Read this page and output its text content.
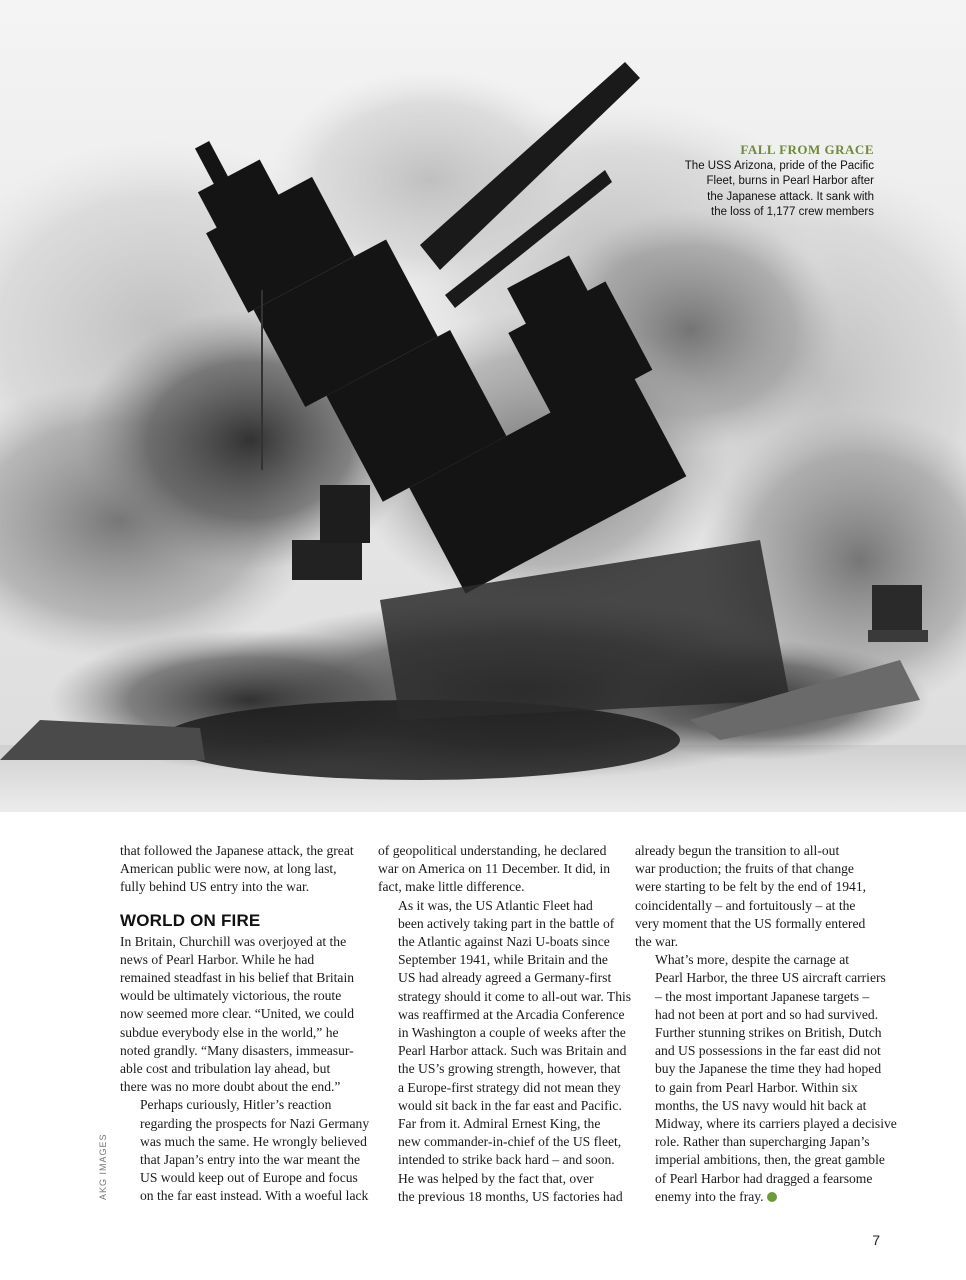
FALL FROM GRACE
The USS Arizona, pride of the Pacific
Fleet, burns in Pearl Harbor after
the Japanese attack. It sank with
the loss of 1,177 crew members
AKG IMAGES

that followed the Japanese attack, the great
American public were now, at long last,
fully behind US entry into the war.

WORLD ON FIRE

In Britain, Churchill was overjoyed at the
news of Pearl Harbor. While he had
remained steadfast in his belief that Britain
would be ultimately victorious, the route
now seemed more clear. “United, we could
subdue everybody else in the world,” he
noted grandly. “Many disasters, immeasur-
able cost and tribulation lay ahead, but
there was no more doubt about the end.”

Perhaps curiously, Hitler’s reaction
regarding the prospects for Nazi Germany
was much the same. He wrongly believed
that Japan’s entry into the war meant the
US would keep out of Europe and focus
on the far east instead. With a woeful lack

of geopolitical understanding, he declared
war on America on 11 December. It did, in
fact, make little difference.

As it was, the US Atlantic Fleet had
been actively taking part in the battle of
the Atlantic against Nazi U-boats since
September 1941, while Britain and the
US had already agreed a Germany-first
strategy should it come to all-out war. This
was reaffirmed at the Arcadia Conference
in Washington a couple of weeks after the
Pearl Harbor attack. Such was Britain and
the US’s growing strength, however, that
a Europe-first strategy did not mean they
would sit back in the far east and Pacific.
Far from it. Admiral Ernest King, the
new commander-in-chief of the US fleet,
intended to strike back hard – and soon.

He was helped by the fact that, over
the previous 18 months, US factories had

already begun the transition to all-out
war production; the fruits of that change
were starting to be felt by the end of 1941,
coincidentally – and fortuitously – at the
very moment that the US formally entered
the war.

What’s more, despite the carnage at
Pearl Harbor, the three US aircraft carriers
– the most important Japanese targets –
had not been at port and so had survived.
Further stunning strikes on British, Dutch
and US possessions in the far east did not
buy the Japanese the time they had hoped
to gain from Pearl Harbor. Within six
months, the US navy would hit back at
Midway, where its carriers played a decisive
role. Rather than supercharging Japan’s
imperial ambitions, then, the great gamble
of Pearl Harbor had dragged a fearsome
enemy into the fray.

7
